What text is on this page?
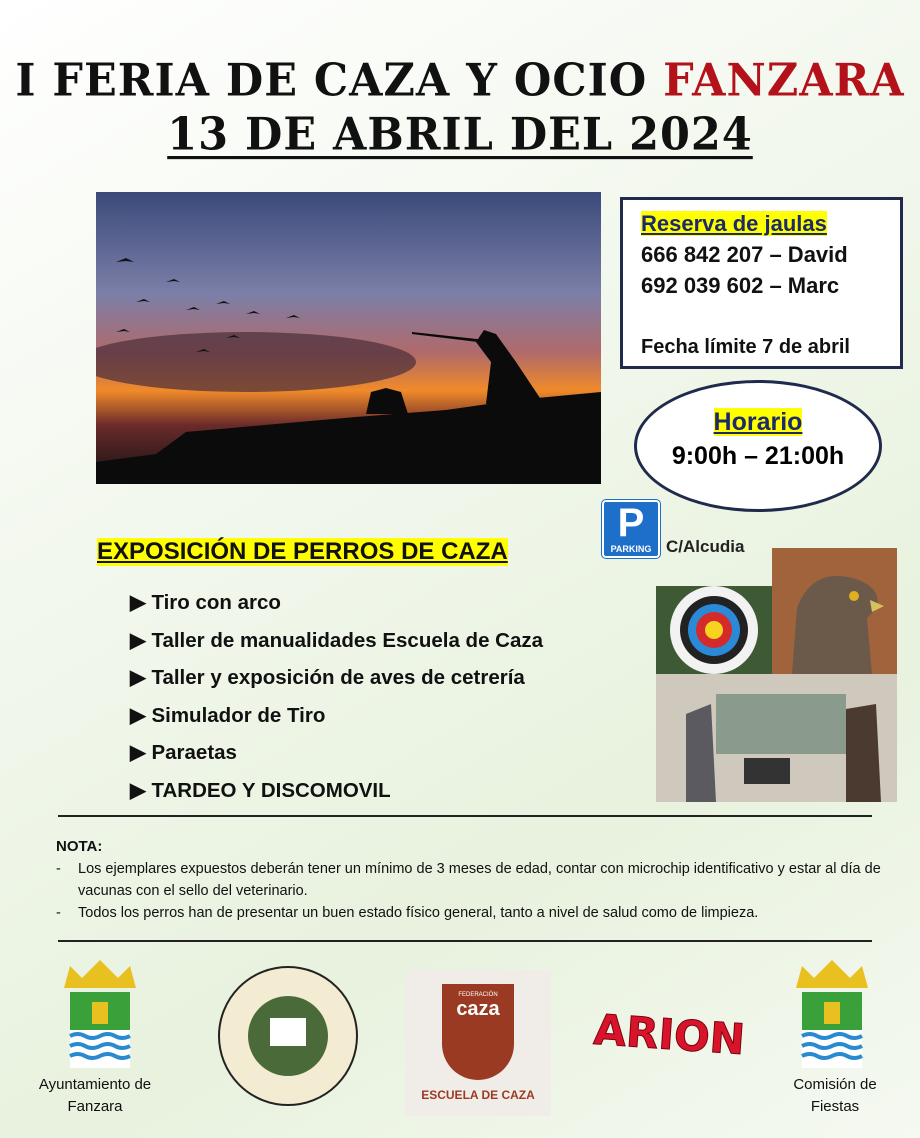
I FERIA DE CAZA Y OCIO FANZARA
13 DE ABRIL DEL 2024
Reserva de jaulas
666 842 207 – David
692 039 602 – Marc
Fecha límite 7 de abril
Horario
9:00h – 21:00h
P
PARKING C/Alcudia
EXPOSICIÓN DE PERROS DE CAZA
▶ Tiro con arco
▶ Taller de manualidades Escuela de Caza
▶ Taller y exposición de aves de cetrería
▶ Simulador de Tiro
▶ Paraetas
▶ TARDEO Y DISCOMOVIL
NOTA:
-	Los ejemplares expuestos deberán tener un mínimo de 3 meses de edad, contar con microchip identificativo y estar al día de vacunas con el sello del veterinario.
-	Todos los perros han de presentar un buen estado físico general, tanto a nivel de salud como de limpieza.
Ayuntamiento de
Fanzara
FEDERACIÓN
caza
ESCUELA DE CAZA
ARION
Comisión de
Fiestas
